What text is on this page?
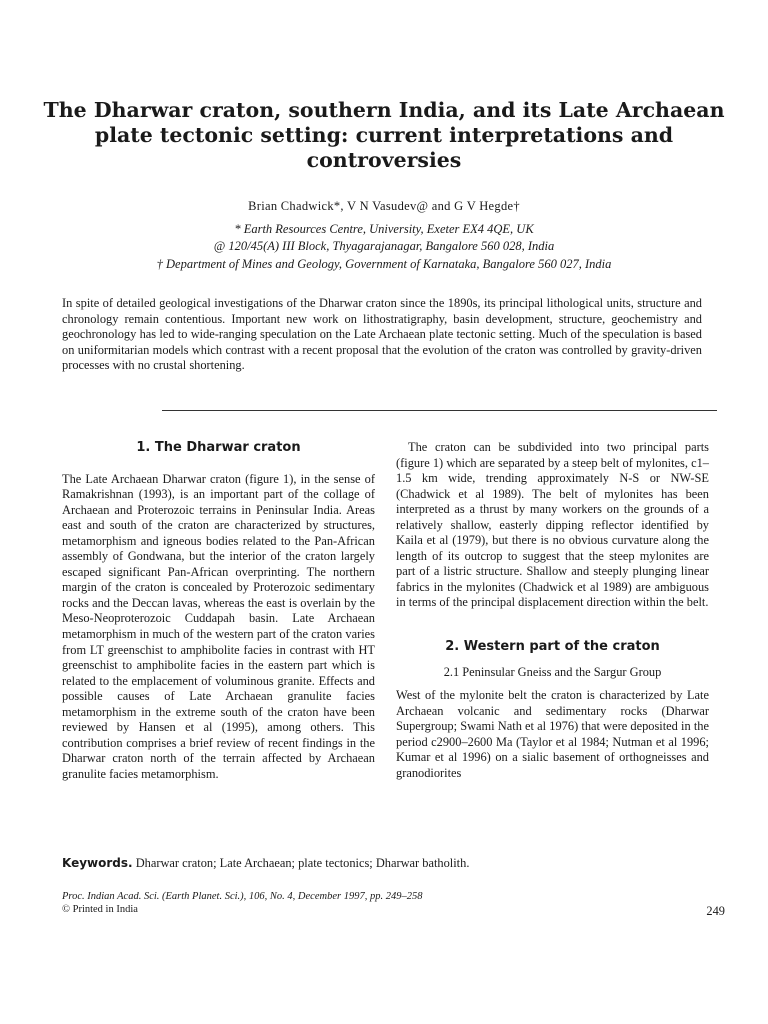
The Dharwar craton, southern India, and its Late Archaean plate tectonic setting: current interpretations and controversies
Brian Chadwick*, V N Vasudev@ and G V Hegde†
* Earth Resources Centre, University, Exeter EX4 4QE, UK
@ 120/45(A) III Block, Thyagarajanagar, Bangalore 560 028, India
† Department of Mines and Geology, Government of Karnataka, Bangalore 560 027, India
In spite of detailed geological investigations of the Dharwar craton since the 1890s, its principal lithological units, structure and chronology remain contentious. Important new work on lithostratigraphy, basin development, structure, geochemistry and geochronology has led to wide-ranging speculation on the Late Archaean plate tectonic setting. Much of the speculation is based on uniformitarian models which contrast with a recent proposal that the evolution of the craton was controlled by gravity-driven processes with no crustal shortening.
1. The Dharwar craton

The Late Archaean Dharwar craton (figure 1), in the sense of Ramakrishnan (1993), is an important part of the collage of Archaean and Proterozoic terrains in Peninsular India. Areas east and south of the craton are characterized by structures, metamorphism and igneous bodies related to the Pan-African assembly of Gondwana, but the interior of the craton largely escaped significant Pan-African overprinting. The northern margin of the craton is concealed by Proterozoic sedimentary rocks and the Deccan lavas, whereas the east is overlain by the Meso-Neoproterozoic Cuddapah basin. Late Archaean metamorphism in much of the western part of the craton varies from LT greenschist to amphibolite facies in contrast with HT greenschist to amphibolite facies in the eastern part which is related to the emplacement of voluminous granite. Effects and possible causes of Late Archaean granulite facies metamorphism in the extreme south of the craton have been reviewed by Hansen et al (1995), among others. This contribution comprises a brief review of recent findings in the Dharwar craton north of the terrain affected by Archaean granulite facies metamorphism.

The craton can be subdivided into two principal parts (figure 1) which are separated by a steep belt of mylonites, c1–1.5 km wide, trending approximately N-S or NW-SE (Chadwick et al 1989). The belt of mylonites has been interpreted as a thrust by many workers on the grounds of a relatively shallow, easterly dipping reflector identified by Kaila et al (1979), but there is no obvious curvature along the length of its outcrop to suggest that the steep mylonites are part of a listric structure. Shallow and steeply plunging linear fabrics in the mylonites (Chadwick et al 1989) are ambiguous in terms of the principal displacement direction within the belt.

2. Western part of the craton
2.1 Peninsular Gneiss and the Sargur Group

West of the mylonite belt the craton is characterized by Late Archaean volcanic and sedimentary rocks (Dharwar Supergroup; Swami Nath et al 1976) that were deposited in the period c2900–2600 Ma (Taylor et al 1984; Nutman et al 1996; Kumar et al 1996) on a sialic basement of orthogneisses and granodiorites

Keywords. Dharwar craton; Late Archaean; plate tectonics; Dharwar batholith.
Proc. Indian Acad. Sci. (Earth Planet. Sci.), 106, No. 4, December 1997, pp. 249–258
© Printed in India	249
